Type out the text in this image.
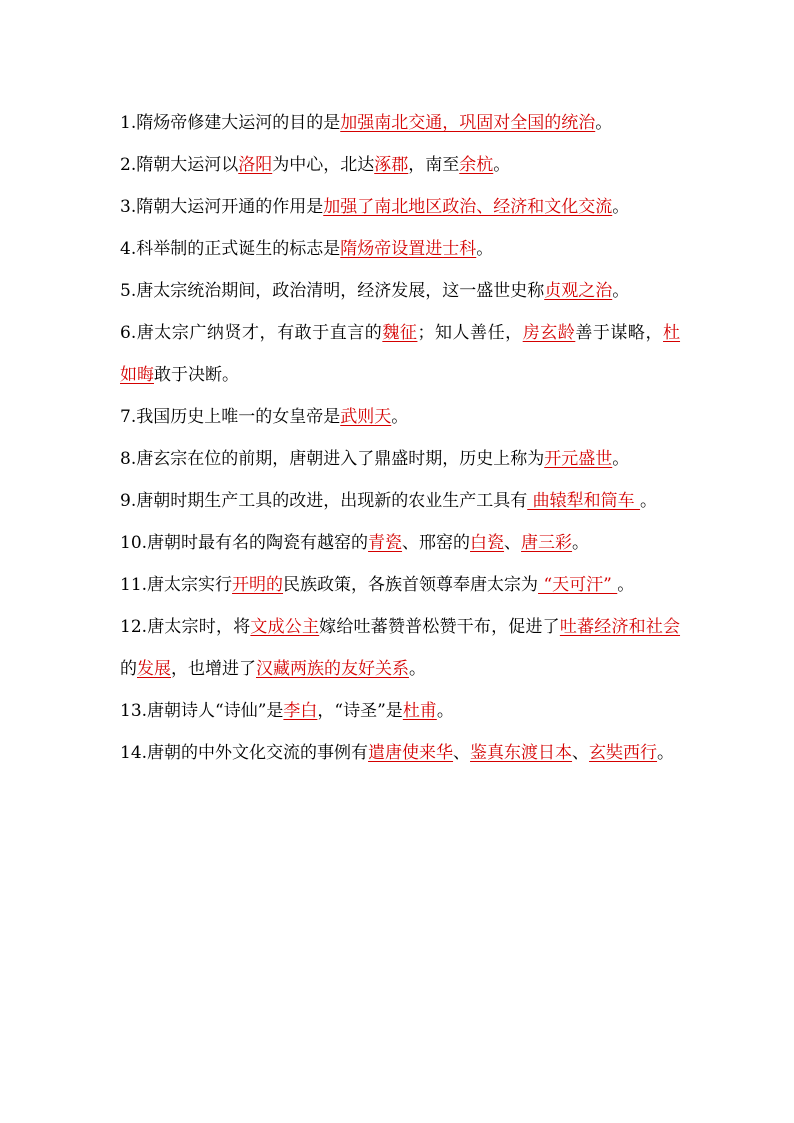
1.隋炀帝修建大运河的目的是加强南北交通，巩固对全国的统治。

2.隋朝大运河以洛阳为中心，北达涿郡，南至余杭。

3.隋朝大运河开通的作用是加强了南北地区政治、经济和文化交流。

4.科举制的正式诞生的标志是隋炀帝设置进士科。

5.唐太宗统治期间，政治清明，经济发展，这一盛世史称贞观之治。

6.唐太宗广纳贤才，有敢于直言的魏征；知人善任，房玄龄善于谋略，杜如晦敢于决断。

7.我国历史上唯一的女皇帝是武则天。

8.唐玄宗在位的前期，唐朝进入了鼎盛时期，历史上称为开元盛世。

9.唐朝时期生产工具的改进，出现新的农业生产工具有 曲辕犁和筒车 。

10.唐朝时最有名的陶瓷有越窑的青瓷、邢窑的白瓷、唐三彩。

11.唐太宗实行开明的民族政策，各族首领尊奉唐太宗为 “天可汗” 。

12.唐太宗时，将文成公主嫁给吐蕃赞普松赞干布，促进了吐蕃经济和社会的发展，也增进了汉藏两族的友好关系。

13.唐朝诗人“诗仙”是李白，“诗圣”是杜甫。

14.唐朝的中外文化交流的事例有遣唐使来华、鉴真东渡日本、玄奘西行。
